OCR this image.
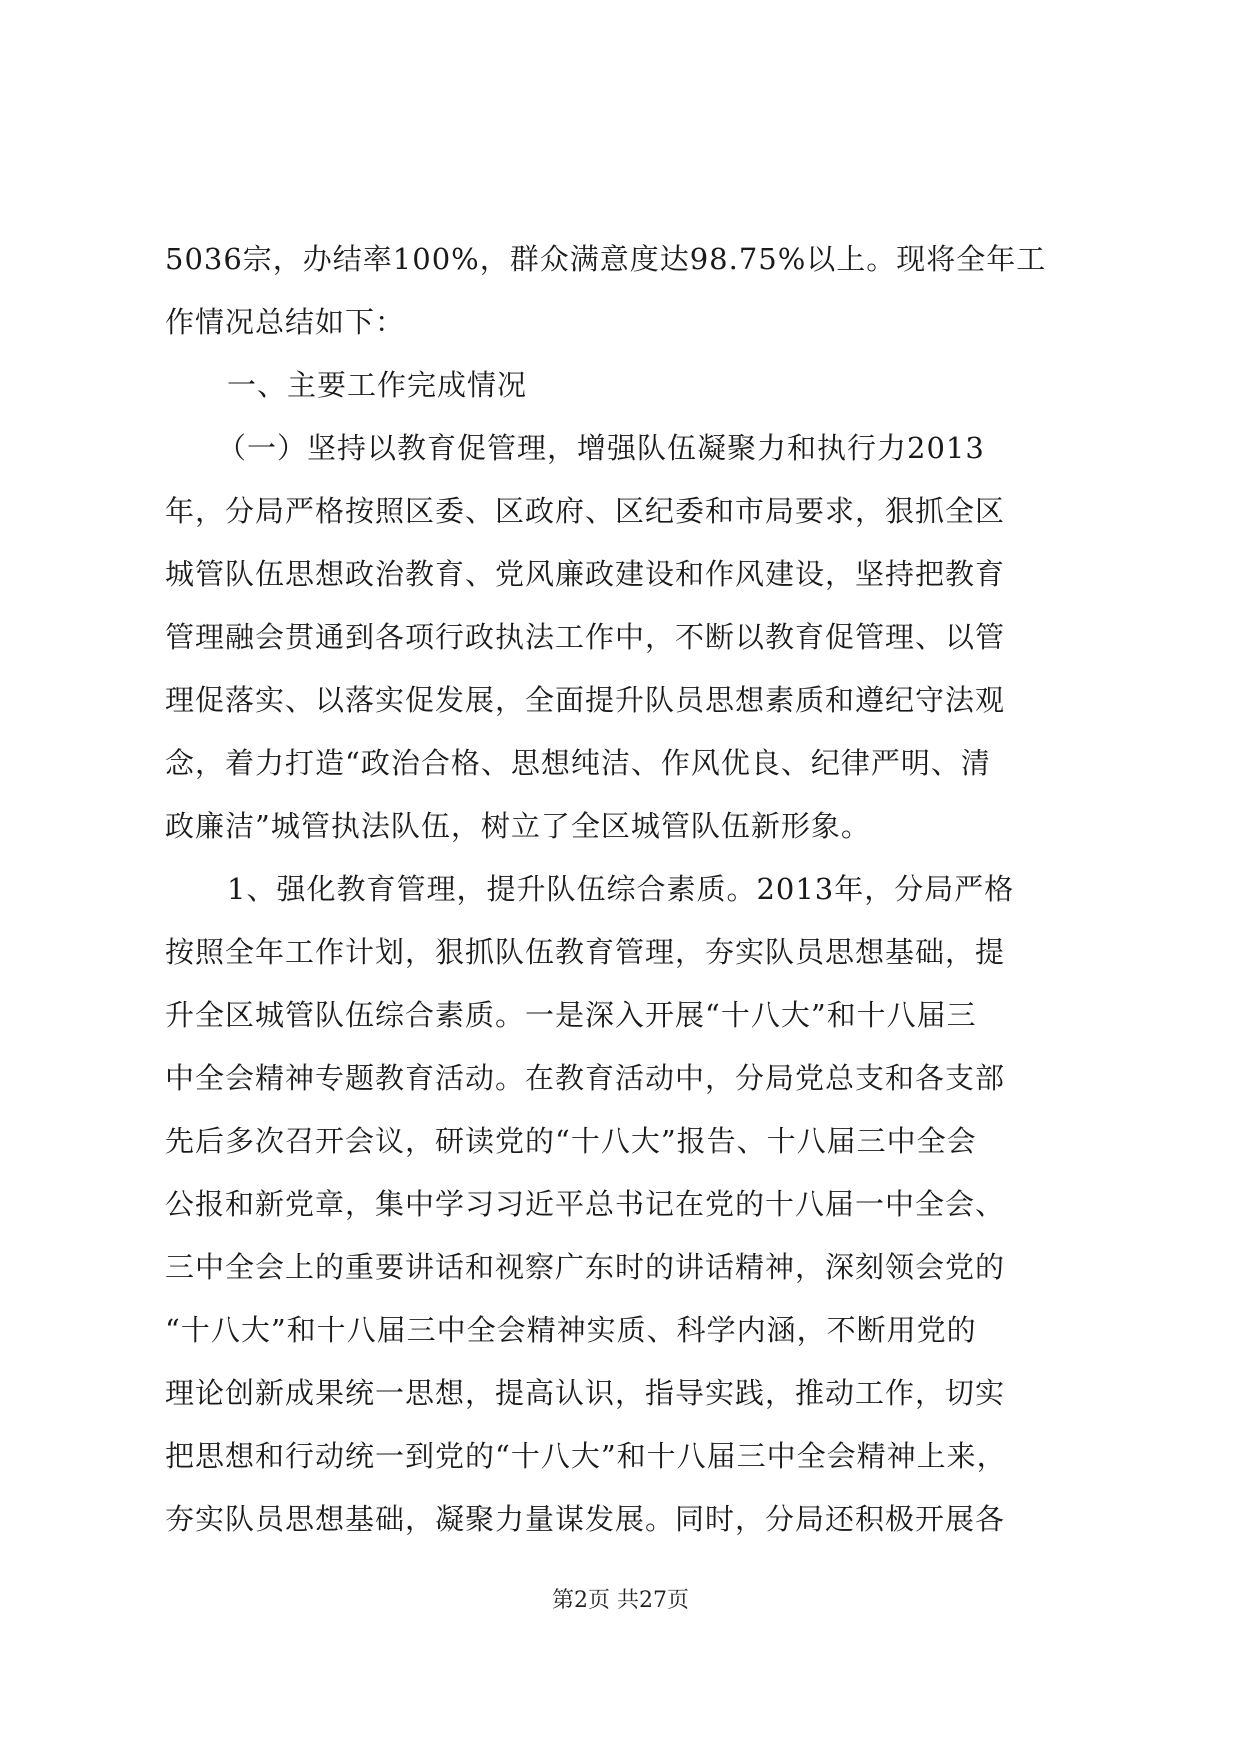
5036宗，办结率100%，群众满意度达98.75%以上。现将全年工
作情况总结如下：
一、主要工作完成情况
（一）坚持以教育促管理，增强队伍凝聚力和执行力2013
年，分局严格按照区委、区政府、区纪委和市局要求，狠抓全区
城管队伍思想政治教育、党风廉政建设和作风建设，坚持把教育
管理融会贯通到各项行政执法工作中，不断以教育促管理、以管
理促落实、以落实促发展，全面提升队员思想素质和遵纪守法观
念，着力打造“政治合格、思想纯洁、作风优良、纪律严明、清
政廉洁”城管执法队伍，树立了全区城管队伍新形象。
1、强化教育管理，提升队伍综合素质。2013年，分局严格
按照全年工作计划，狠抓队伍教育管理，夯实队员思想基础，提
升全区城管队伍综合素质。一是深入开展“十八大”和十八届三
中全会精神专题教育活动。在教育活动中，分局党总支和各支部
先后多次召开会议，研读党的“十八大”报告、十八届三中全会
公报和新党章，集中学习习近平总书记在党的十八届一中全会、
三中全会上的重要讲话和视察广东时的讲话精神，深刻领会党的
“十八大”和十八届三中全会精神实质、科学内涵，不断用党的
理论创新成果统一思想，提高认识，指导实践，推动工作，切实
把思想和行动统一到党的“十八大”和十八届三中全会精神上来，
夯实队员思想基础，凝聚力量谋发展。同时，分局还积极开展各
第2页 共27页
